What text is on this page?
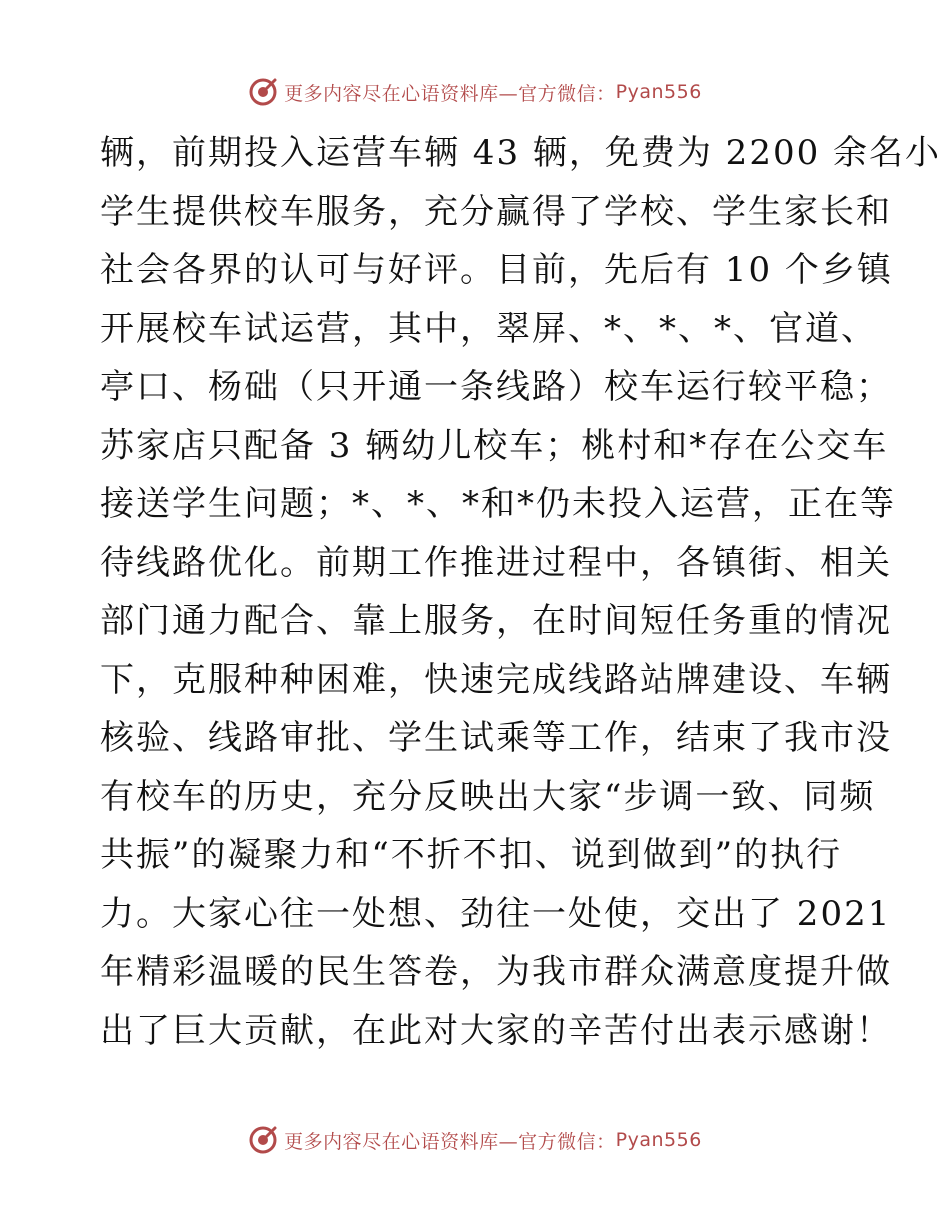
更多内容尽在心语资料库—官方微信： Pyan556
辆，前期投入运营车辆 43 辆，免费为 2200 余名小
学生提供校车服务，充分赢得了学校、学生家长和
社会各界的认可与好评。目前，先后有 10 个乡镇
开展校车试运营，其中，翠屏、*、*、*、官道、
亭口、杨础（只开通一条线路）校车运行较平稳；
苏家店只配备 3 辆幼儿校车；桃村和*存在公交车
接送学生问题；*、*、*和*仍未投入运营，正在等
待线路优化。前期工作推进过程中，各镇街、相关
部门通力配合、靠上服务，在时间短任务重的情况
下，克服种种困难，快速完成线路站牌建设、车辆
核验、线路审批、学生试乘等工作，结束了我市没
有校车的历史，充分反映出大家“步调一致、同频
共振”的凝聚力和“不折不扣、说到做到”的执行
力。大家心往一处想、劲往一处使，交出了 2021
年精彩温暖的民生答卷，为我市群众满意度提升做
出了巨大贡献，在此对大家的辛苦付出表示感谢！
更多内容尽在心语资料库—官方微信： Pyan556
